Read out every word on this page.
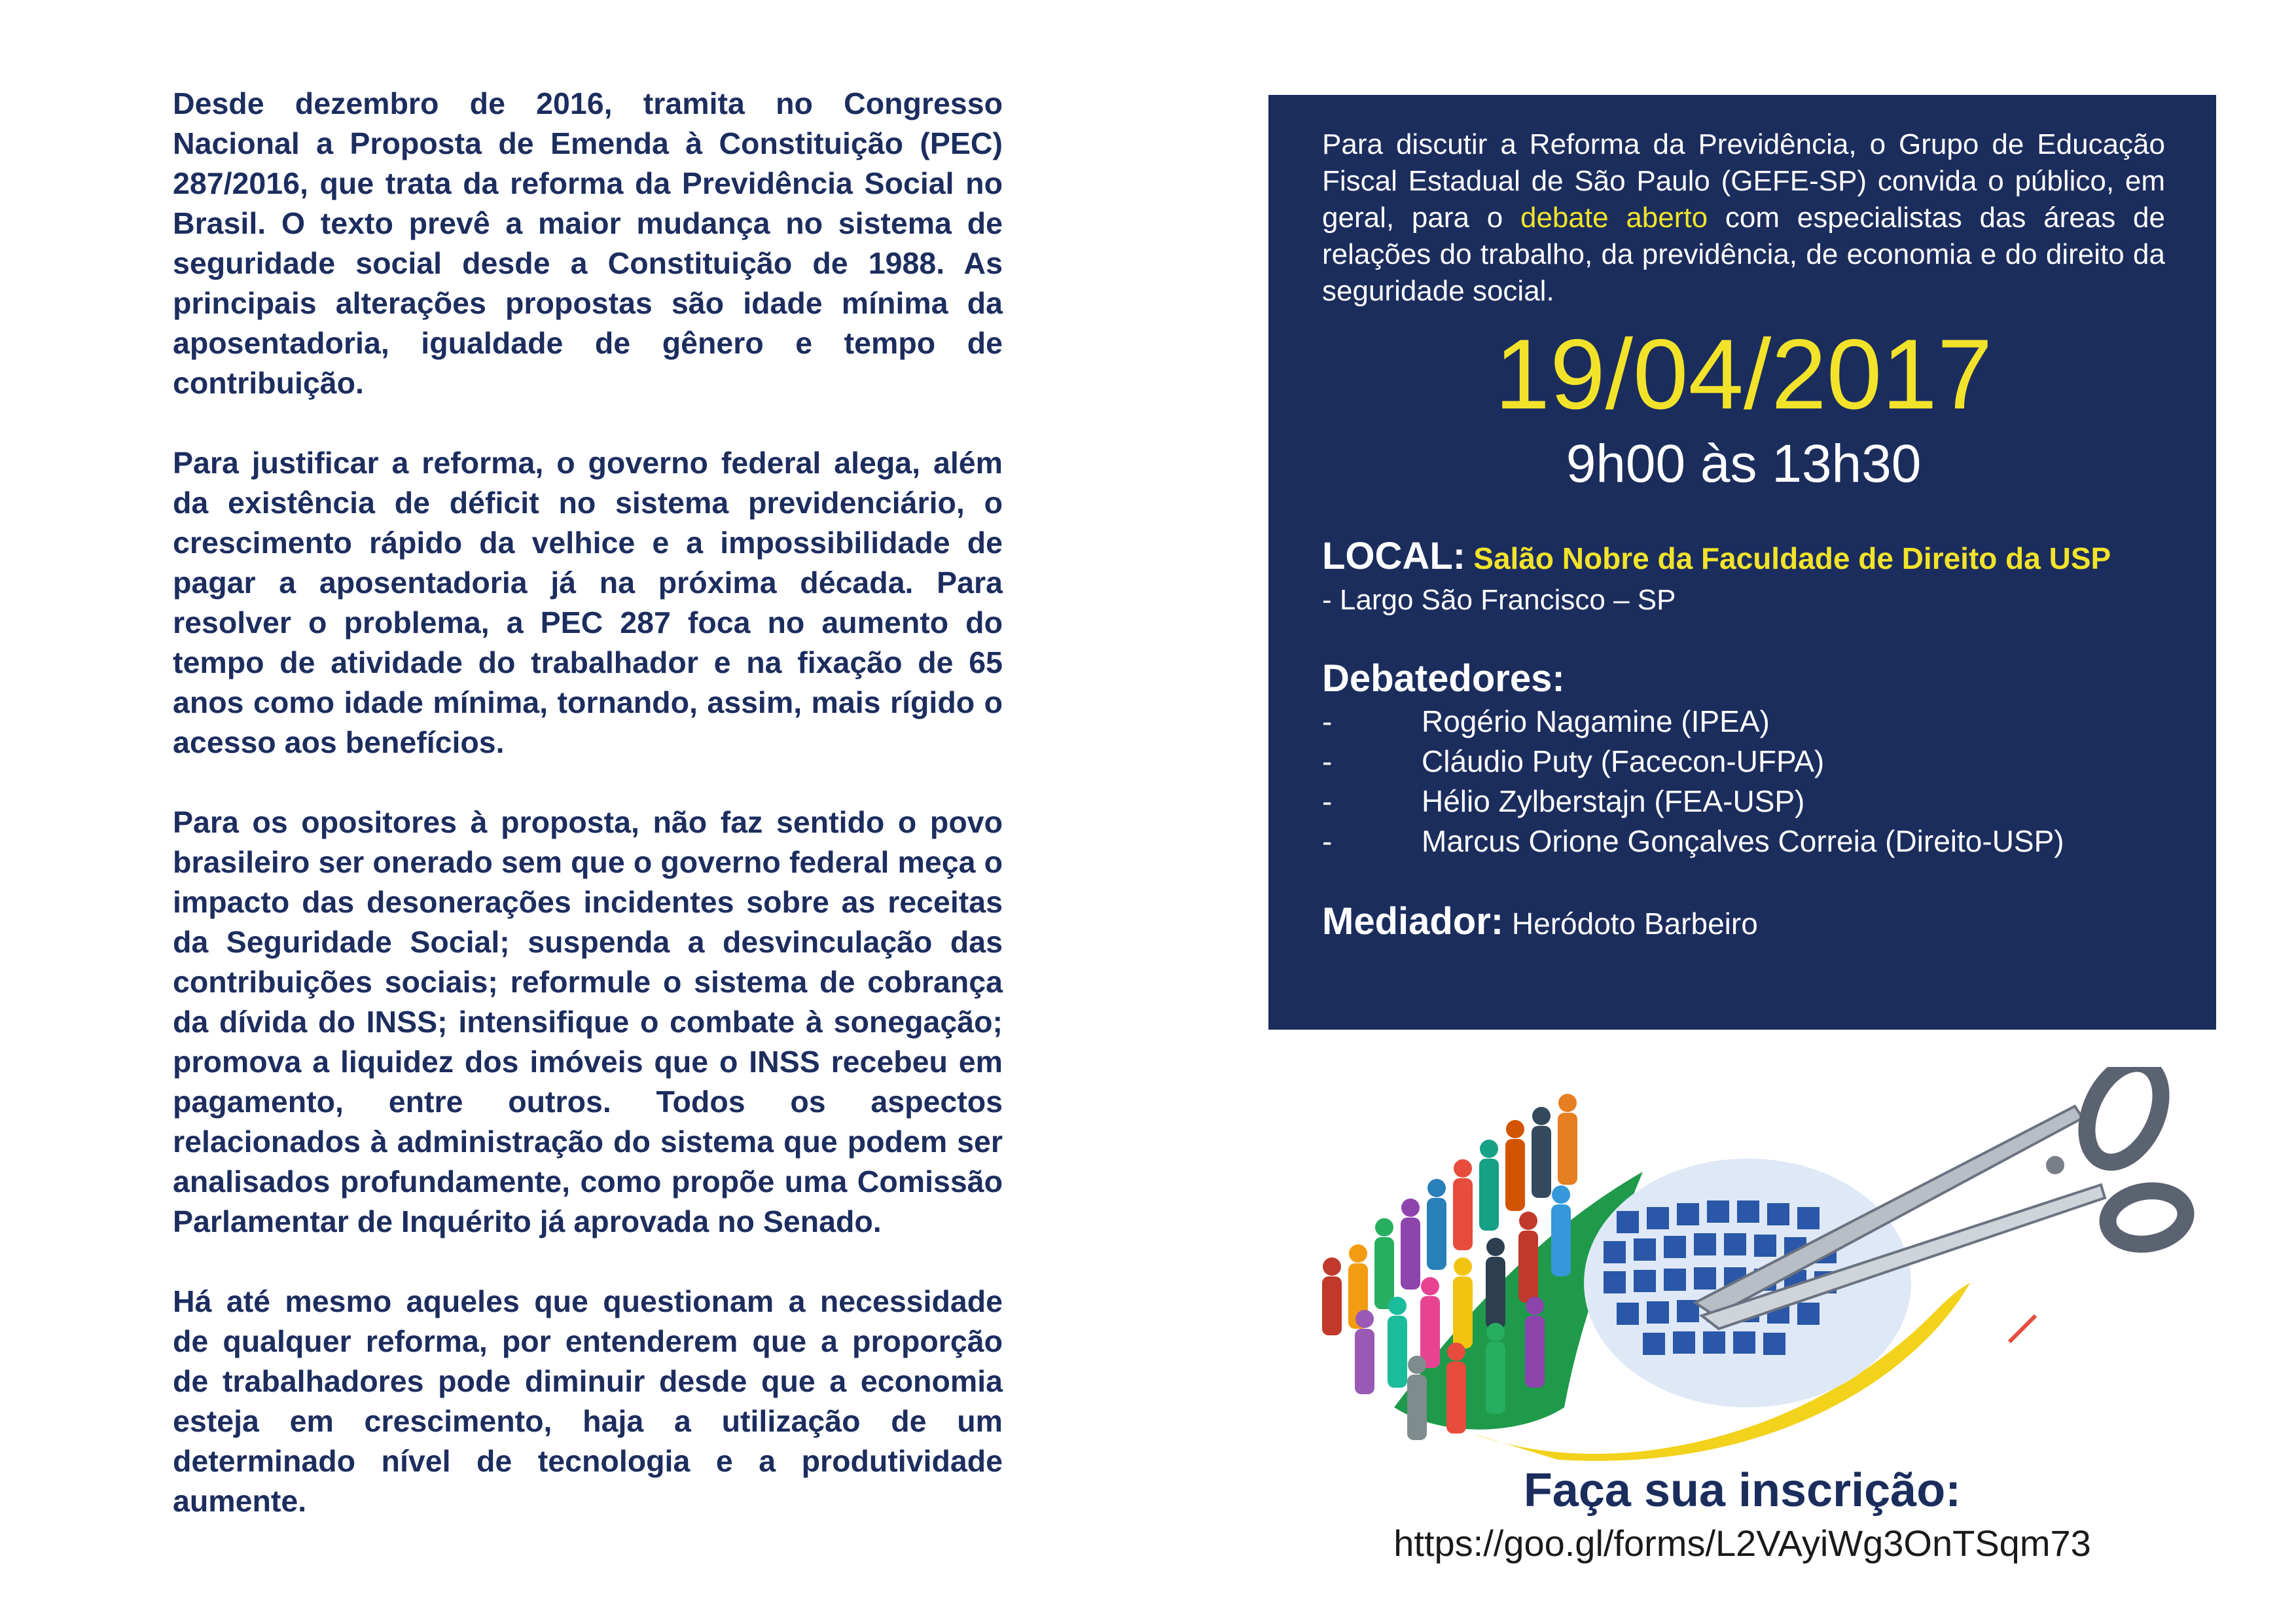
Desde dezembro de 2016, tramita no Congresso Nacional a Proposta de Emenda à Constituição (PEC) 287/2016, que trata da reforma da Previdência Social no Brasil. O texto prevê a maior mudança no sistema de seguridade social desde a Constituição de 1988. As principais alterações propostas são idade mínima da aposentadoria, igualdade de gênero e tempo de contribuição.

Para justificar a reforma, o governo federal alega, além da existência de déficit no sistema previdenciário, o crescimento rápido da velhice e a impossibilidade de pagar a aposentadoria já na próxima década. Para resolver o problema, a PEC 287 foca no aumento do tempo de atividade do trabalhador e na fixação de 65 anos como idade mínima, tornando, assim, mais rígido o acesso aos benefícios.

Para os opositores à proposta, não faz sentido o povo brasileiro ser onerado sem que o governo federal meça o impacto das desonerações incidentes sobre as receitas da Seguridade Social; suspenda a desvinculação das contribuições sociais; reformule o sistema de cobrança da dívida do INSS; intensifique o combate à sonegação; promova a liquidez dos imóveis que o INSS recebeu em pagamento, entre outros. Todos os aspectos relacionados à administração do sistema que podem ser analisados profundamente, como propõe uma Comissão Parlamentar de Inquérito já aprovada no Senado.

Há até mesmo aqueles que questionam a necessidade de qualquer reforma, por entenderem que a proporção de trabalhadores pode diminuir desde que a economia esteja em crescimento, haja a utilização de um determinado nível de tecnologia e a produtividade aumente.

Para discutir a Reforma da Previdência, o Grupo de Educação Fiscal Estadual de São Paulo (GEFE-SP) convida o público, em geral, para o debate aberto com especialistas das áreas de relações do trabalho, da previdência, de economia e do direito da seguridade social.

19/04/2017
9h00 às 13h30
LOCAL: Salão Nobre da Faculdade de Direito da USP
- Largo São Francisco – SP
Debatedores:
-	Rogério Nagamine (IPEA)
-	Cláudio Puty (Facecon-UFPA)
-	Hélio Zylberstajn (FEA-USP)
-	Marcus Orione Gonçalves Correia (Direito-USP)
Mediador: Heródoto Barbeiro
Faça sua inscrição:
https://goo.gl/forms/L2VAyiWg3OnTSqm73
